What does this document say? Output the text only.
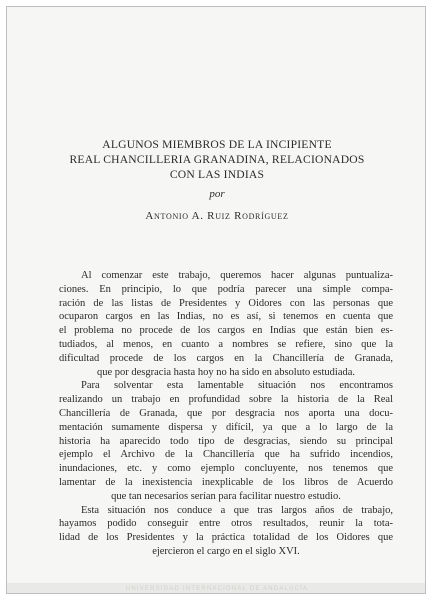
ALGUNOS MIEMBROS DE LA INCIPIENTE
REAL CHANCILLERIA GRANADINA, RELACIONADOS
CON LAS INDIAS
por
Antonio A. Ruiz Rodríguez
Al comenzar este trabajo, queremos hacer algunas puntualiza-
ciones. En principio, lo que podría parecer una simple compa-
ración de las listas de Presidentes y Oidores con las personas que
ocuparon cargos en las Indias, no es así, si tenemos en cuenta que
el problema no procede de los cargos en Indias que están bien es-
tudiados, al menos, en cuanto a nombres se refiere, sino que la
dificultad procede de los cargos en la Chancillería de Granada,
que por desgracia hasta hoy no ha sido en absoluto estudiada.
Para solventar esta lamentable situación nos encontramos
realizando un trabajo en profundidad sobre la historia de la Real
Chancillería de Granada, que por desgracia nos aporta una docu-
mentación sumamente dispersa y difícil, ya que a lo largo de la
historia ha aparecido todo tipo de desgracias, siendo su principal
ejemplo el Archivo de la Chancillería que ha sufrido incendios,
inundaciones, etc. y como ejemplo concluyente, nos tenemos que
lamentar de la inexistencia inexplicable de los libros de Acuerdo
que tan necesarios serían para facilitar nuestro estudio.
Esta situación nos conduce a que tras largos años de trabajo,
hayamos podido conseguir entre otros resultados, reunir la tota-
lidad de los Presidentes y la práctica totalidad de los Oidores que
ejercieron el cargo en el siglo XVI.
UNIVERSIDAD INTERNACIONAL DE ANDALUCÍA
